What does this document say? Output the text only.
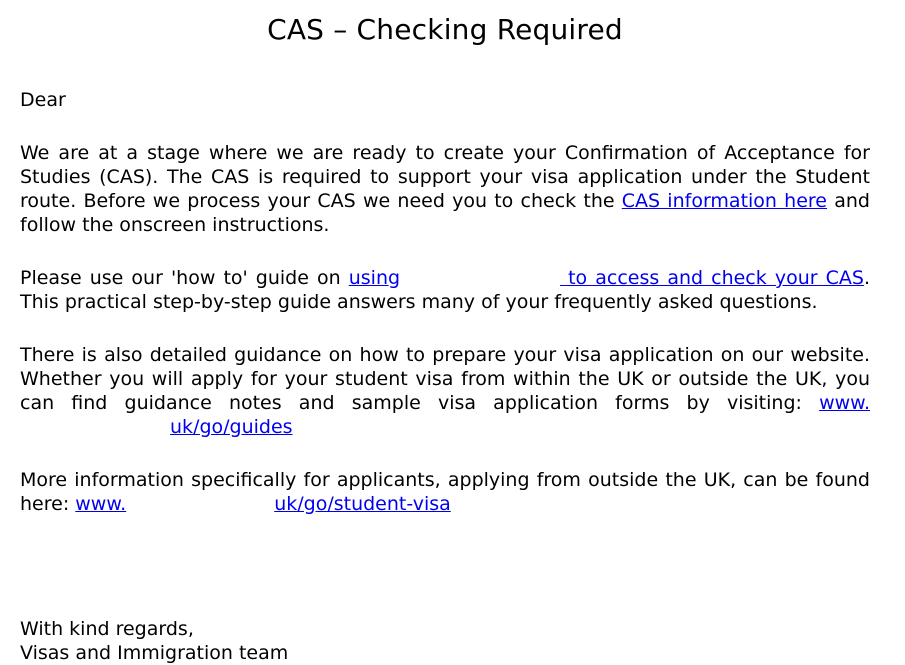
CAS – Checking Required
Dear

We are at a stage where we are ready to create your Confirmation of Acceptance for Studies (CAS). The CAS is required to support your visa application under the Student route. Before we process your CAS we need you to check the CAS information here and follow the onscreen instructions.

Please use our 'how to' guide on using	to access and check your CAS. This practical step-by-step guide answers many of your frequently asked questions.

There is also detailed guidance on how to prepare your visa application on our website. Whether you will apply for your student visa from within the UK or outside the UK, you can find guidance notes and sample visa application forms by visiting: www.uk/go/guides

More information specifically for applicants, applying from outside the UK, can be found here: www.	uk/go/student-visa

With kind regards,
Visas and Immigration team
